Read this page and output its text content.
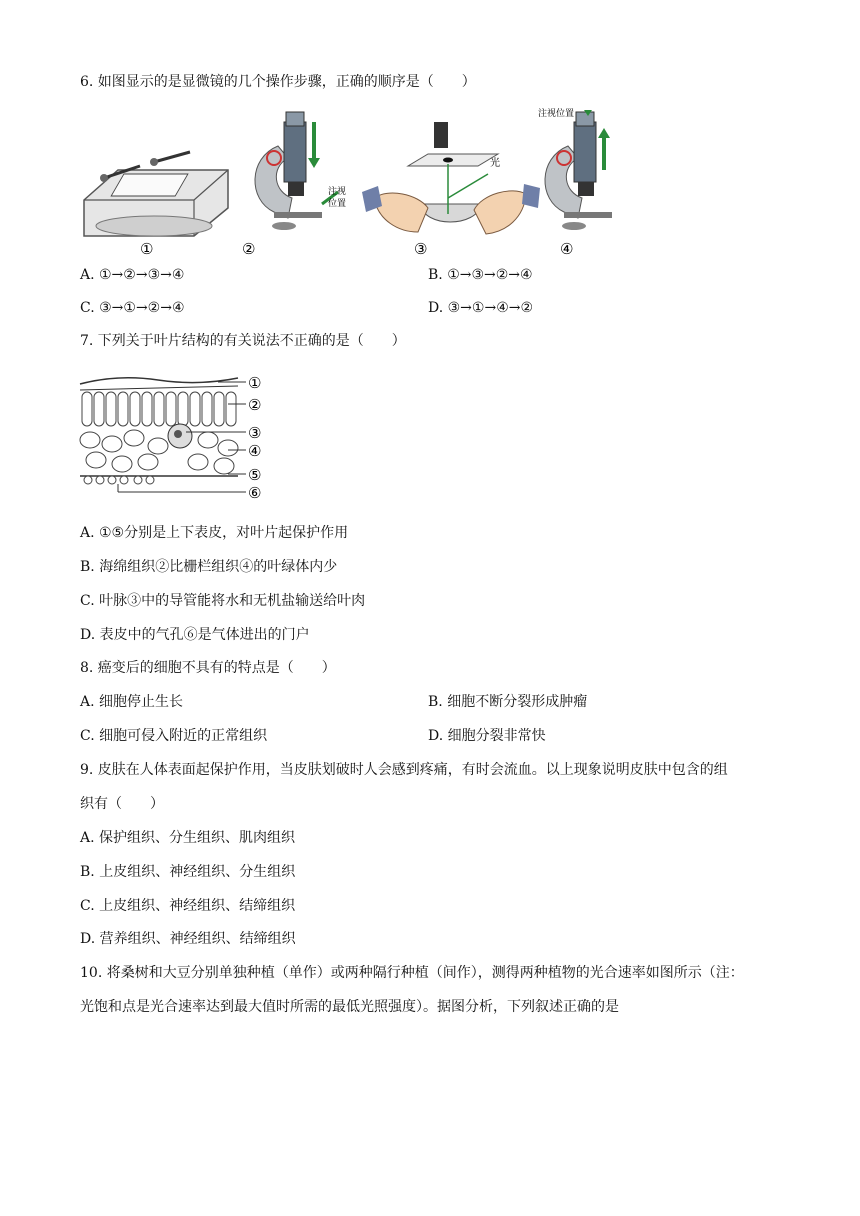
6. 如图显示的是显微镜的几个操作步骤，正确的顺序是（　　）
①
注视
位置
②
光
③
注视位置
④
A. ①→②→③→④	B. ①→③→②→④
C. ③→①→②→④	D. ③→①→④→②
7. 下列关于叶片结构的有关说法不正确的是（　　）
①
②
③
④
⑤
⑥
A. ①⑤分别是上下表皮，对叶片起保护作用
B. 海绵组织②比栅栏组织④的叶绿体内少
C. 叶脉③中的导管能将水和无机盐输送给叶肉
D. 表皮中的气孔⑥是气体进出的门户
8. 癌变后的细胞不具有的特点是（　　）
A. 细胞停止生长	B. 细胞不断分裂形成肿瘤
C. 细胞可侵入附近的正常组织	D. 细胞分裂非常快
9. 皮肤在人体表面起保护作用，当皮肤划破时人会感到疼痛，有时会流血。以上现象说明皮肤中包含的组
织有（　　）
A. 保护组织、分生组织、肌肉组织
B. 上皮组织、神经组织、分生组织
C. 上皮组织、神经组织、结缔组织
D. 营养组织、神经组织、结缔组织
10. 将桑树和大豆分别单独种植（单作）或两种隔行种植（间作），测得两种植物的光合速率如图所示（注：
光饱和点是光合速率达到最大值时所需的最低光照强度）。据图分析，下列叙述正确的是
